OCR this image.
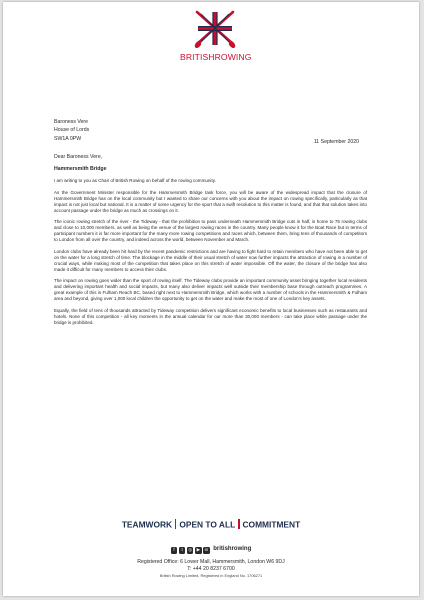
BRITISHROWING
Baroness Vere
House of Lords
SW1A 0PW
11 September 2020

Dear Baroness Vere,

Hammersmith Bridge

I am writing to you as Chair of British Rowing on behalf of the rowing community.

As the Government Minister responsible for the Hammersmith Bridge task force, you will be aware of the widespread impact that the closure of Hammersmith Bridge has on the local community but I wanted to share our concerns with you about the impact on rowing specifically, particularly as that impact is not just local but national. It is a matter of some urgency for the sport that a swift resolution to this matter is found, and that that solution takes into account passage under the bridge as much as crossings on it.

The iconic rowing stretch of the river - the Tideway - that the prohibition to pass underneath Hammersmith Bridge cuts in half, is home to 75 rowing clubs and close to 10,000 members, as well as being the venue of the largest rowing races in the country. Many people know it for the Boat Race but in terms of participant numbers it is far more important for the many more rowing competitions and races which, between them, bring tens of thousands of competitors to London from all over the country, and indeed across the world, between November and March.

London clubs have already been hit hard by the recent pandemic restrictions and are having to fight hard to retain members who have not been able to get on the water for a long stretch of time. The blockage in the middle of their usual stretch of water now further impacts the attraction of rowing in a number of crucial ways, while making most of the competition that takes place on this stretch of water impossible. Off the water, the closure of the bridge has also made it difficult for many members to access their clubs.

The impact on rowing goes wider than the sport of rowing itself. The Tideway clubs provide an important community asset bringing together local residents and delivering important health and social impacts, but many also deliver impacts well outside their membership base through outreach programmes. A great example of this is Fulham Reach BC, based right next to Hammersmith Bridge, which works with a number of schools in the Hammersmith & Fulham area and beyond, giving over 1,000 local children the opportunity to get on the water and make the most of one of London's key assets.

Equally, the field of tens of thousands attracted by Tideway competition delivers significant economic benefits to local businesses such as restaurants and hotels. None of this competition - all key moments in the annual calendar for our more than 30,000 members - can take place while passage under the bridge is prohibited.

TEAMWORK OPEN TO ALL COMMITMENT
f t ◎ ▶ in britishrowing
Registered Office: 6 Lower Mall, Hammersmith, London W6 9DJ
T: +44 20 8237 6700
British Rowing Limited, Registered in England No. 1706271
